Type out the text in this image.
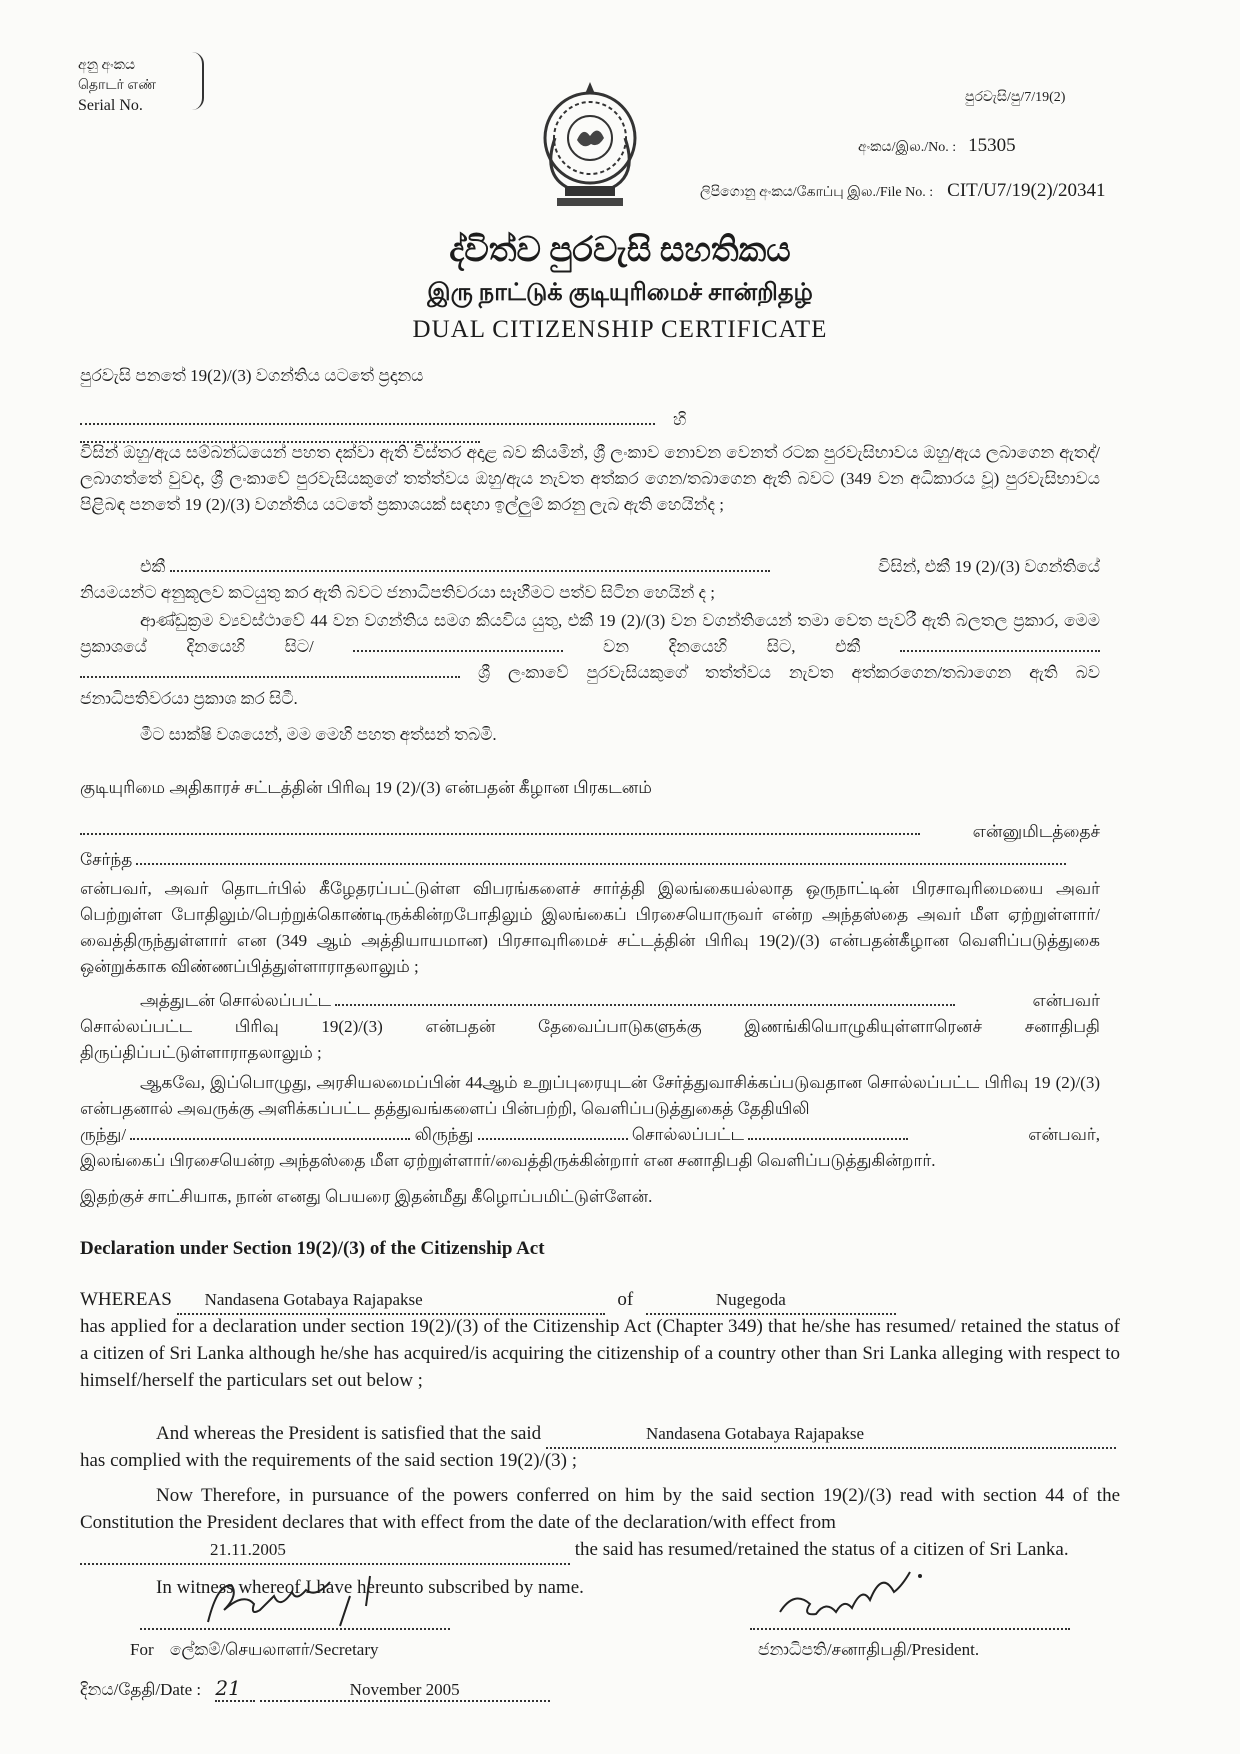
අනු අංකය
தொடர் எண்
Serial No.	පුරවැසි/පු/7/19(2)
අංකය/இல./No. : 15305
ලිපිගොනු අංකය/கோப்பு இல./File No. : CIT/U7/19(2)/20341
ද්විත්ව පුරවැසි සහතිකය
இரு நாட்டுக் குடியுரிமைச் சான்றிதழ்
DUAL CITIZENSHIP CERTIFICATE
පුරවැසි පනතේ 19(2)/(3) වගන්තිය යටතේ ප්‍රදානය
හි
විසින් ඔහු/ඇය සම්බන්ධයෙන් පහත දක්වා ඇති විස්තර අදාළ බව කියමින්, ශ්‍රී ලංකාව නොවන වෙනත් රටක පුරවැසිභාවය ඔහු/ඇය ලබාගෙන ඇතද්/ලබාගත්තේ වුවද, ශ්‍රී ලංකාවේ පුරවැසියකුගේ තත්ත්වය ඔහු/ඇය නැවත අත්කර ගෙන/තබාගෙන ඇති බවට (349 වන අධිකාරය වූ) පුරවැසිභාවය පිළිබඳ පනතේ 19 (2)/(3) වගන්තිය යටතේ ප්‍රකාශයක් සඳහා ඉල්ලුම් කරනු ලැබ ඇති හෙයින්ද ;
එකී	විසින්, එකී 19 (2)/(3) වගන්තියේ
නියමයන්ට අනුකූලව කටයුතු කර ඇති බවට ජනාධිපතිවරයා සෑහීමට පත්ව සිටින හෙයින් ද ;
ආණ්ඩුක්‍රම ව්‍යවස්ථාවේ 44 වන වගන්තිය සමග කියවිය යුතු, එකී 19 (2)/(3) වන වගන්තියෙන් තමා වෙත පැවරී ඇති බලතල ප්‍රකාර, මෙම ප්‍රකාශයේ දිනයෙහි සිට/	වන දිනයෙහි සිට, එකී   ශ්‍රී ලංකාවේ පුරවැසියකුගේ තත්ත්වය නැවත අත්කරගෙන/තබාගෙන ඇති බව ජනාධිපතිවරයා ප්‍රකාශ කර සිටී.
මීට සාක්ෂි වශයෙන්, මම මෙහි පහත අත්සන් තබමි.
குடியுரிமை அதிகாரச் சட்டத்தின் பிரிவு 19 (2)/(3) என்பதன் கீழான பிரகடனம்
என்னுமிடத்தைச்
சேர்ந்த
என்பவர், அவர் தொடர்பில் கீழேதரப்பட்டுள்ள விபரங்களைச் சார்த்தி இலங்கையல்லாத ஒருநாட்டின் பிரசாவுரிமையை அவர் பெற்றுள்ள போதிலும்/பெற்றுக்கொண்டிருக்கின்றபோதிலும் இலங்கைப் பிரசையொருவர் என்ற அந்தஸ்தை அவர் மீள ஏற்றுள்ளார்/வைத்திருந்துள்ளார் என (349 ஆம் அத்தியாயமான) பிரசாவுரிமைச் சட்டத்தின் பிரிவு 19(2)/(3) என்பதன்கீழான வெளிப்படுத்துகை ஒன்றுக்காக விண்ணப்பித்துள்ளாராதலாலும் ;
அத்துடன் சொல்லப்பட்ட	என்பவர்
சொல்லப்பட்ட பிரிவு 19(2)/(3) என்பதன் தேவைப்பாடுகளுக்கு இணங்கியொழுகியுள்ளாரெனச் சனாதிபதி திருப்திப்பட்டுள்ளாராதலாலும் ;
ஆகவே, இப்பொழுது, அரசியலமைப்பின் 44ஆம் உறுப்புரையுடன் சேர்த்துவாசிக்கப்படுவதான சொல்லப்பட்ட பிரிவு 19 (2)/(3) என்பதனால் அவருக்கு அளிக்கப்பட்ட தத்துவங்களைப் பின்பற்றி, வெளிப்படுத்துகைத் தேதியிலி
ருந்து/	லிருந்து	சொல்லப்பட்ட	என்பவர்,
இலங்கைப் பிரசையென்ற அந்தஸ்தை மீள ஏற்றுள்ளார்/வைத்திருக்கின்றார் என சனாதிபதி வெளிப்படுத்துகின்றார்.
இதற்குச் சாட்சியாக, நான் எனது பெயரை இதன்மீது கீழொப்பமிட்டுள்ளேன்.
Declaration under Section 19(2)/(3) of the Citizenship Act
WHEREAS Nandasena Gotabaya Rajapakse	of	Nugegoda
has applied for a declaration under section 19(2)/(3) of the Citizenship Act (Chapter 349) that he/she has resumed/ retained the status of a citizen of Sri Lanka although he/she has acquired/is acquiring the citizenship of a country other than Sri Lanka alleging with respect to himself/herself the particulars set out below ;
And whereas the President is satisfied that the said	Nandasena Gotabaya Rajapakse
has complied with the requirements of the said section 19(2)/(3) ;
Now Therefore, in pursuance of the powers conferred on him by the said section 19(2)/(3) read with section 44 of the Constitution the President declares that with effect from the date of the declaration/with effect from
21.11.2005	the said has resumed/retained the status of a citizen of Sri Lanka.
In witness whereof I have hereunto subscribed by name.
For ලේකම්/செயலாளர்/Secretary	ජනාධිපති/சனாதிபதி/President.
දිනය/தேதி/Date : 21	November 2005
